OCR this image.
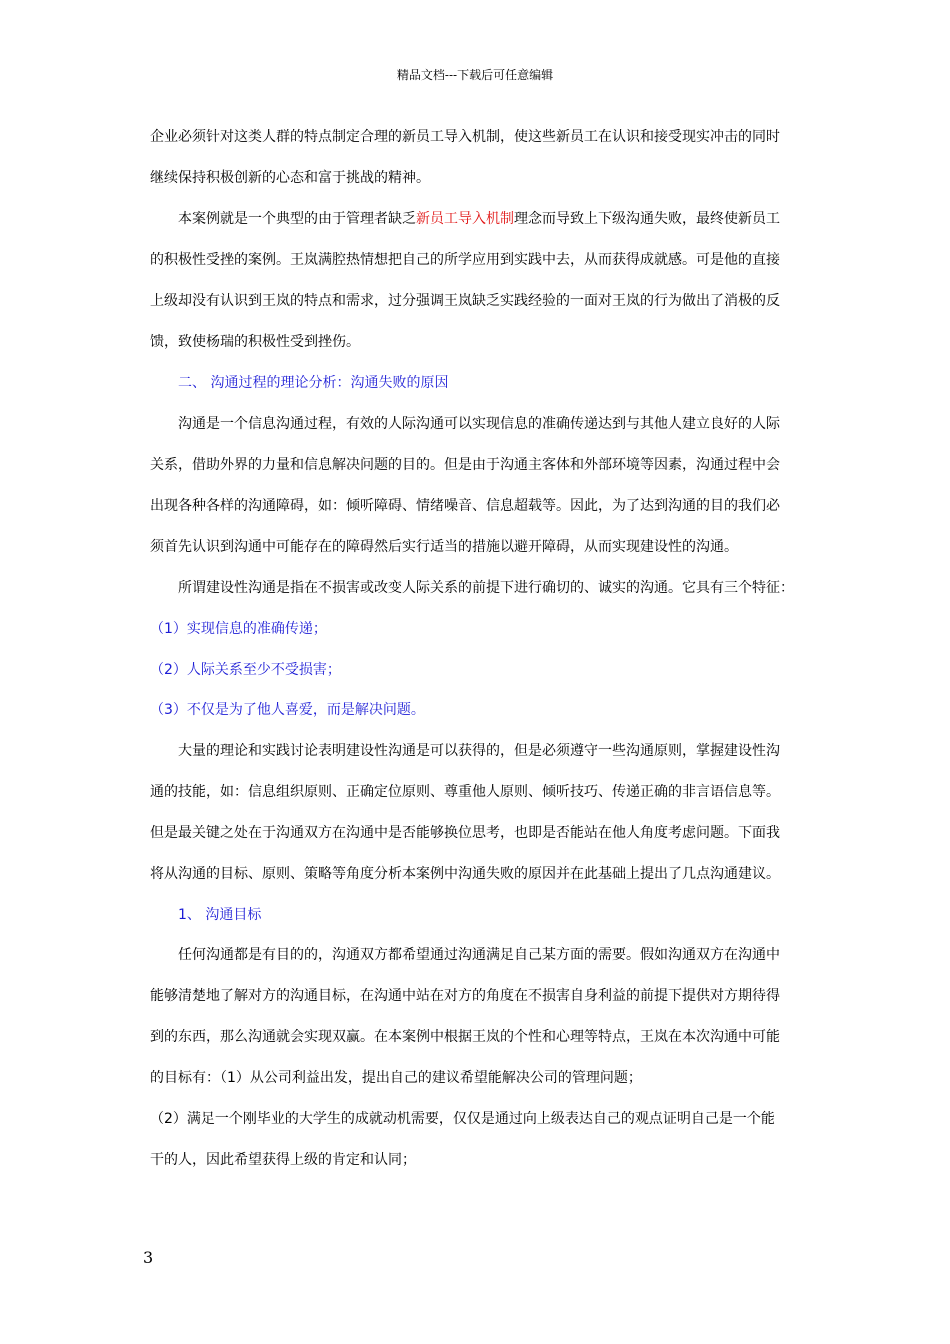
精品文档---下载后可任意编辑
企业必须针对这类人群的特点制定合理的新员工导入机制，使这些新员工在认识和接受现实冲击的同时
继续保持积极创新的心态和富于挑战的精神。
本案例就是一个典型的由于管理者缺乏新员工导入机制理念而导致上下级沟通失败，最终使新员工
的积极性受挫的案例。王岚满腔热情想把自己的所学应用到实践中去，从而获得成就感。可是他的直接
上级却没有认识到王岚的特点和需求，过分强调王岚缺乏实践经验的一面对王岚的行为做出了消极的反
馈，致使杨瑞的积极性受到挫伤。
二、 沟通过程的理论分析：沟通失败的原因
沟通是一个信息沟通过程，有效的人际沟通可以实现信息的准确传递达到与其他人建立良好的人际
关系，借助外界的力量和信息解决问题的目的。但是由于沟通主客体和外部环境等因素，沟通过程中会
出现各种各样的沟通障碍，如：倾听障碍、情绪噪音、信息超载等。因此，为了达到沟通的目的我们必
须首先认识到沟通中可能存在的障碍然后实行适当的措施以避开障碍，从而实现建设性的沟通。
所谓建设性沟通是指在不损害或改变人际关系的前提下进行确切的、诚实的沟通。它具有三个特征：
（1）实现信息的准确传递；
（2）人际关系至少不受损害；
（3）不仅是为了他人喜爱，而是解决问题。
大量的理论和实践讨论表明建设性沟通是可以获得的，但是必须遵守一些沟通原则，掌握建设性沟
通的技能，如：信息组织原则、正确定位原则、尊重他人原则、倾听技巧、传递正确的非言语信息等。
但是最关键之处在于沟通双方在沟通中是否能够换位思考，也即是否能站在他人角度考虑问题。下面我
将从沟通的目标、原则、策略等角度分析本案例中沟通失败的原因并在此基础上提出了几点沟通建议。
1、 沟通目标
任何沟通都是有目的的，沟通双方都希望通过沟通满足自己某方面的需要。假如沟通双方在沟通中
能够清楚地了解对方的沟通目标，在沟通中站在对方的角度在不损害自身利益的前提下提供对方期待得
到的东西，那么沟通就会实现双赢。在本案例中根据王岚的个性和心理等特点，王岚在本次沟通中可能
的目标有：（1）从公司利益出发，提出自己的建议希望能解决公司的管理问题；
（2）满足一个刚毕业的大学生的成就动机需要，仅仅是通过向上级表达自己的观点证明自己是一个能
干的人，因此希望获得上级的肯定和认同；
3
